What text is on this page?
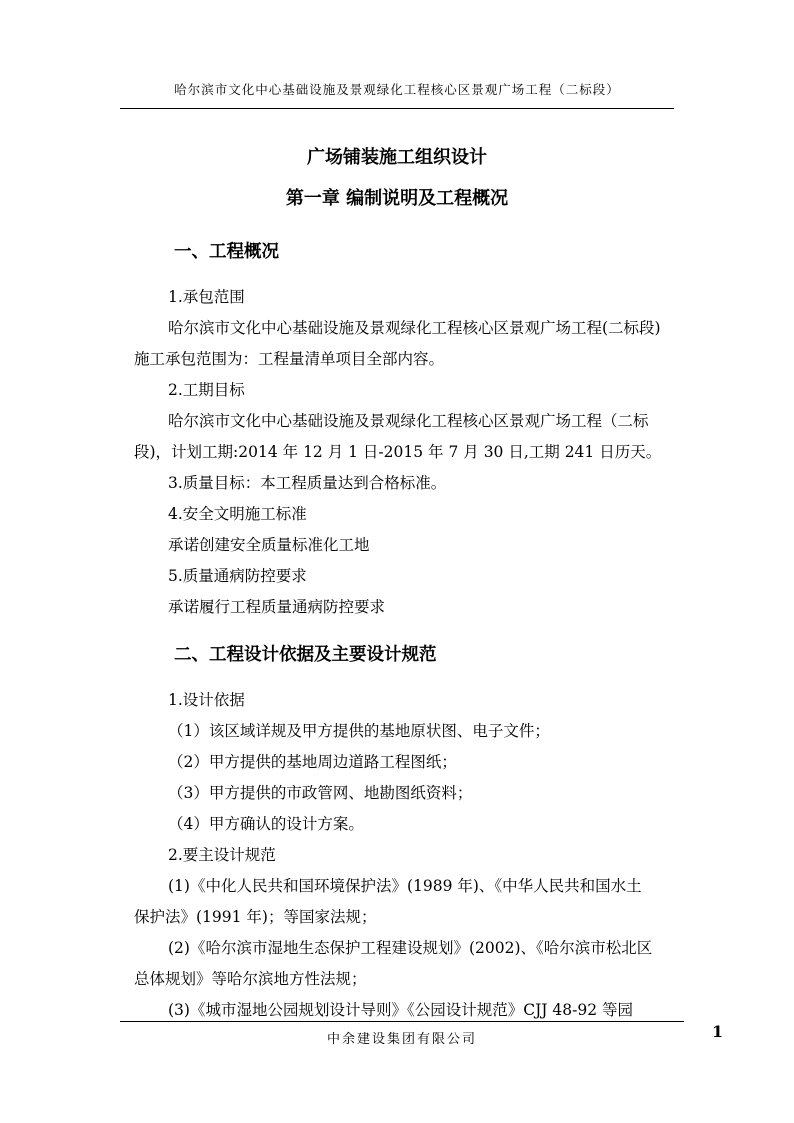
哈尔滨市文化中心基础设施及景观绿化工程核心区景观广场工程（二标段）
广场铺装施工组织设计
第一章 编制说明及工程概况
一、工程概况
1.承包范围
哈尔滨市文化中心基础设施及景观绿化工程核心区景观广场工程(二标段)
施工承包范围为：工程量清单项目全部内容。
2.工期目标
哈尔滨市文化中心基础设施及景观绿化工程核心区景观广场工程（二标
段)，计划工期:2014 年 12 月 1 日-2015 年 7 月 30 日,工期 241 日历天。
3.质量目标：本工程质量达到合格标准。
4.安全文明施工标准
承诺创建安全质量标准化工地
5.质量通病防控要求
承诺履行工程质量通病防控要求
二、工程设计依据及主要设计规范
1.设计依据
（1）该区域详规及甲方提供的基地原状图、电子文件；
（2）甲方提供的基地周边道路工程图纸；
（3）甲方提供的市政管网、地勘图纸资料；
（4）甲方确认的设计方案。
2.要主设计规范
(1)《中化人民共和国环境保护法》(1989 年)、《中华人民共和国水土
保护法》(1991 年)；等国家法规；
(2)《哈尔滨市湿地生态保护工程建设规划》(2002)、《哈尔滨市松北区
总体规划》等哈尔滨地方性法规；
(3)《城市湿地公园规划设计导则》《公园设计规范》CJJ 48-92 等园
中余建设集团有限公司	1
